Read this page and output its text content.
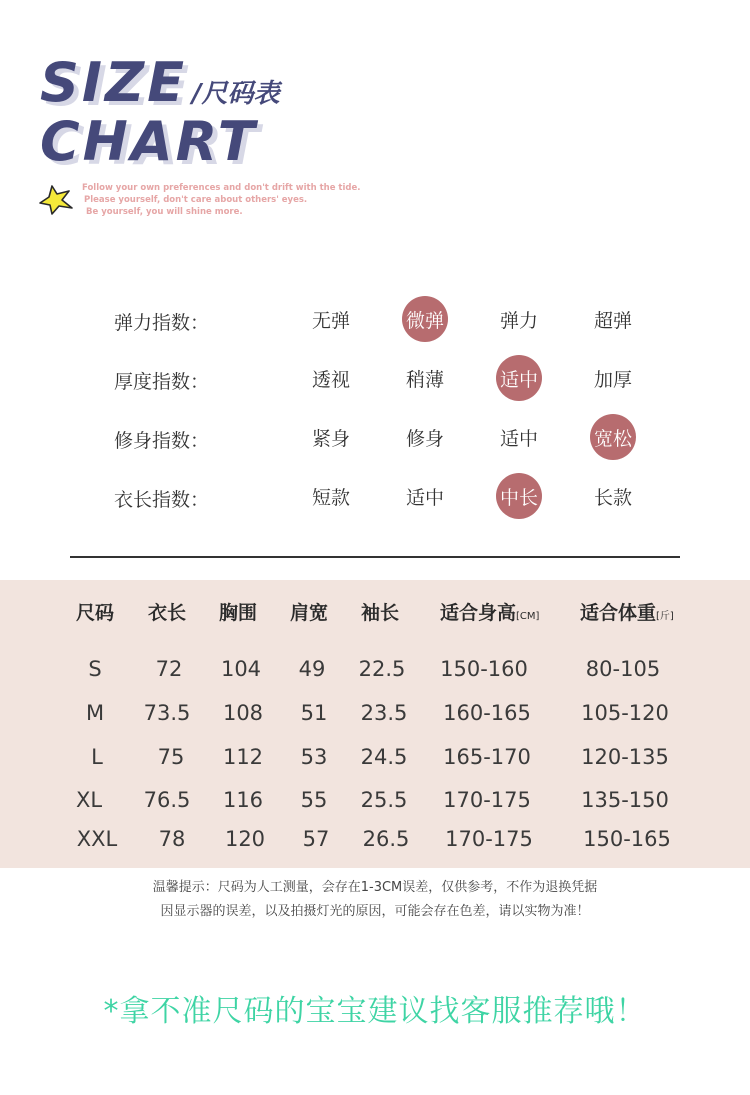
SIZE /尺码表
CHART
Follow your own preferences and don't drift with the tide.
Please yourself, don't care about others' eyes.
Be yourself, you will shine more.
弹力指数：	无弹	微弹	弹力	超弹
厚度指数：	透视	稍薄	适中	加厚
修身指数：	紧身	修身	适中	宽松
衣长指数：	短款	适中	中长	长款
尺码 衣长 胸围 肩宽 袖长 适合身高[CM] 适合体重[斤]
S	72	104	49	22.5	150-160	80-105
M	73.5	108	51	23.5	160-165	105-120
L	75	112	53	24.5	165-170	120-135
XL	76.5	116	55	25.5	170-175	135-150
XXL	78	120	57	26.5	170-175	150-165
温馨提示：尺码为人工测量，会存在1-3CM误差，仅供参考，不作为退换凭据
因显示器的误差，以及拍摄灯光的原因，可能会存在色差，请以实物为准！
*拿不准尺码的宝宝建议找客服推荐哦！
